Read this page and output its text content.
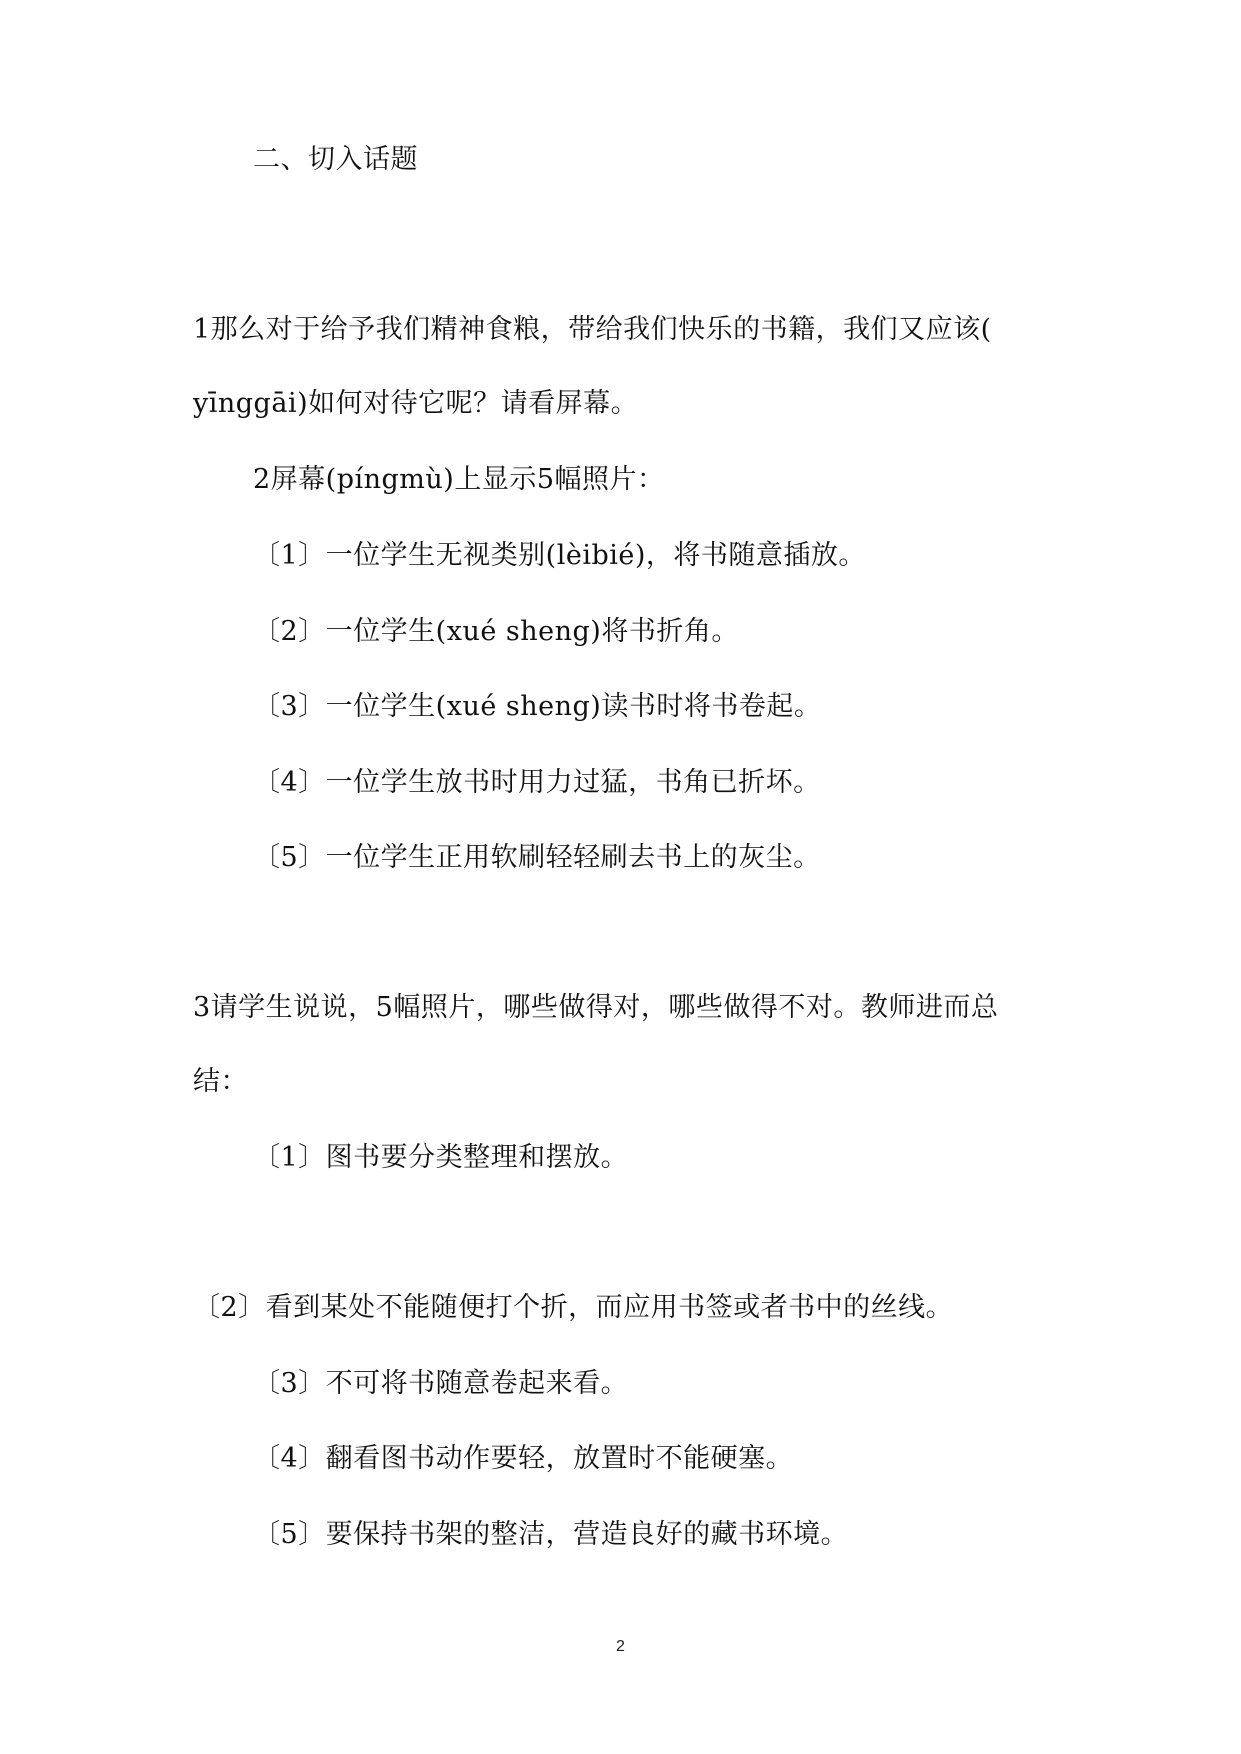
二、切入话题
1那么对于给予我们精神食粮，带给我们快乐的书籍，我们又应该(
yīnggāi)如何对待它呢？请看屏幕。
2屏幕(píngmù)上显示5幅照片：
〔1〕一位学生无视类别(lèibié)，将书随意插放。
〔2〕一位学生(xué sheng)将书折角。
〔3〕一位学生(xué sheng)读书时将书卷起。
〔4〕一位学生放书时用力过猛，书角已折坏。
〔5〕一位学生正用软刷轻轻刷去书上的灰尘。
3请学生说说，5幅照片，哪些做得对，哪些做得不对。教师进而总
结：
〔1〕图书要分类整理和摆放。
〔2〕看到某处不能随便打个折，而应用书签或者书中的丝线。
〔3〕不可将书随意卷起来看。
〔4〕翻看图书动作要轻，放置时不能硬塞。
〔5〕要保持书架的整洁，营造良好的藏书环境。
2
